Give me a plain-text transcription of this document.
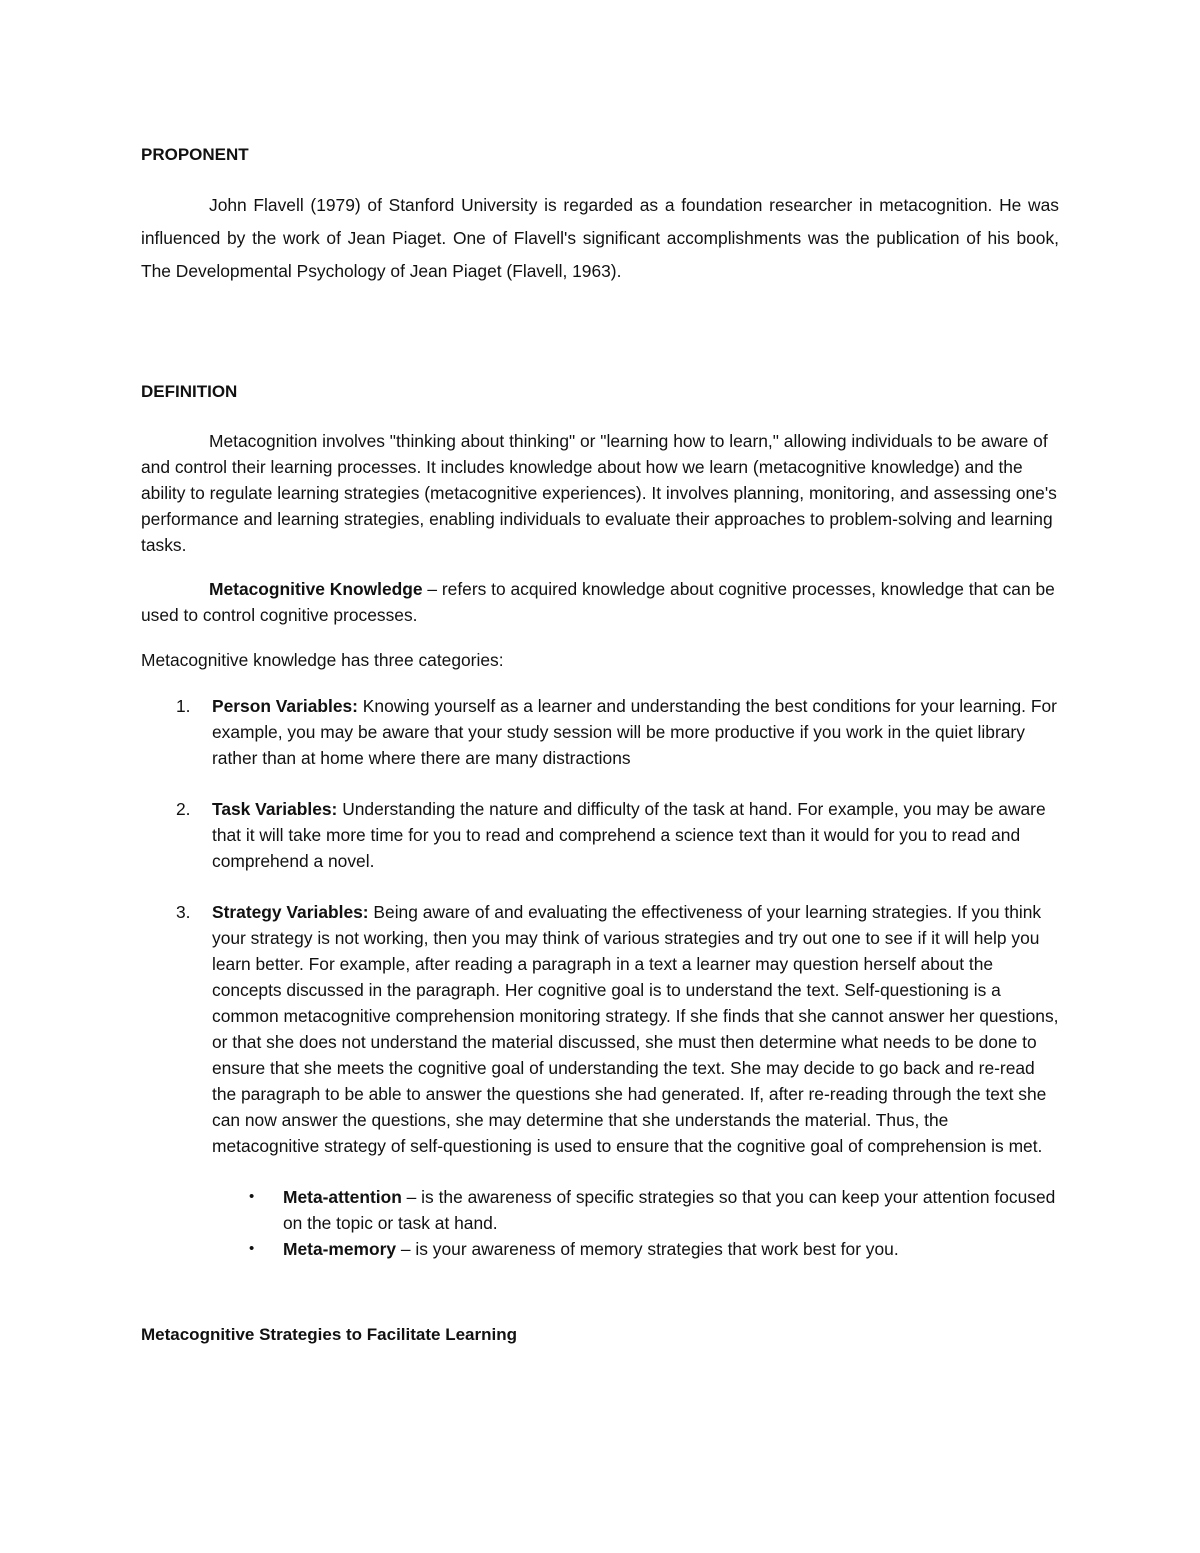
PROPONENT

John Flavell (1979) of Stanford University is regarded as a foundation researcher in metacognition. He was influenced by the work of Jean Piaget. One of Flavell's significant accomplishments was the publication of his book, The Developmental Psychology of Jean Piaget (Flavell, 1963).

DEFINITION

Metacognition involves "thinking about thinking" or "learning how to learn," allowing individuals to be aware of and control their learning processes. It includes knowledge about how we learn (metacognitive knowledge) and the ability to regulate learning strategies (metacognitive experiences). It involves planning, monitoring, and assessing one's performance and learning strategies, enabling individuals to evaluate their approaches to problem-solving and learning tasks.

Metacognitive Knowledge – refers to acquired knowledge about cognitive processes, knowledge that can be used to control cognitive processes.

Metacognitive knowledge has three categories:

1. Person Variables: Knowing yourself as a learner and understanding the best conditions for your learning. For example, you may be aware that your study session will be more productive if you work in the quiet library rather than at home where there are many distractions
2. Task Variables: Understanding the nature and difficulty of the task at hand. For example, you may be aware that it will take more time for you to read and comprehend a science text than it would for you to read and comprehend a novel.
3. Strategy Variables: Being aware of and evaluating the effectiveness of your learning strategies. If you think your strategy is not working, then you may think of various strategies and try out one to see if it will help you learn better. For example, after reading a paragraph in a text a learner may question herself about the concepts discussed in the paragraph. Her cognitive goal is to understand the text. Self-questioning is a common metacognitive comprehension monitoring strategy. If she finds that she cannot answer her questions, or that she does not understand the material discussed, she must then determine what needs to be done to ensure that she meets the cognitive goal of understanding the text. She may decide to go back and re-read the paragraph to be able to answer the questions she had generated. If, after re-reading through the text she can now answer the questions, she may determine that she understands the material. Thus, the metacognitive strategy of self-questioning is used to ensure that the cognitive goal of comprehension is met.
• Meta-attention – is the awareness of specific strategies so that you can keep your attention focused on the topic or task at hand.
• Meta-memory – is your awareness of memory strategies that work best for you.

Metacognitive Strategies to Facilitate Learning
